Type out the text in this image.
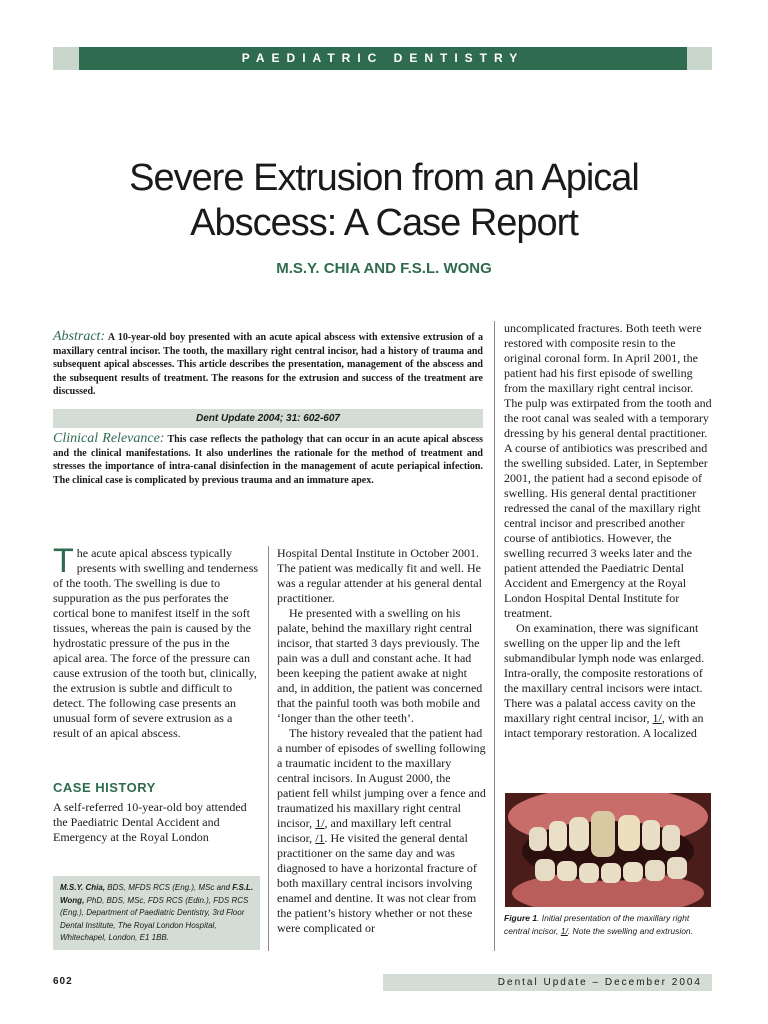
PAEDIATRIC DENTISTRY
Severe Extrusion from an Apical
Abscess: A Case Report
M.S.Y. CHIA AND F.S.L. WONG
Abstract: A 10-year-old boy presented with an acute apical abscess with extensive extrusion of a maxillary central incisor. The tooth, the maxillary right central incisor, had a history of trauma and subsequent apical abscesses. This article describes the presentation, management of the abscess and the subsequent results of treatment. The reasons for the extrusion and success of the treatment are discussed.
Dent Update 2004; 31: 602-607
Clinical Relevance: This case reflects the pathology that can occur in an acute apical abscess and the clinical manifestations. It also underlines the rationale for the method of treatment and stresses the importance of intra-canal disinfection in the management of acute periapical infection. The clinical case is complicated by previous trauma and an immature apex.

The acute apical abscess typically presents with swelling and tenderness of the tooth. The swelling is due to suppuration as the pus perforates the cortical bone to manifest itself in the soft tissues, whereas the pain is caused by the hydrostatic pressure of the pus in the apical area. The force of the pressure can cause extrusion of the tooth but, clinically, the extrusion is subtle and difficult to detect. The following case presents an unusual form of severe extrusion as a result of an apical abscess.

CASE HISTORY

A self-referred 10-year-old boy attended the Paediatric Dental Accident and Emergency at the Royal London

M.S.Y. Chia, BDS, MFDS RCS (Eng.), MSc and F.S.L. Wong, PhD, BDS, MSc, FDS RCS (Edin.), FDS RCS (Eng.), Department of Paediatric Dentistry, 3rd Floor Dental Institute, The Royal London Hospital, Whitechapel, London, E1 1BB.

Hospital Dental Institute in October 2001. The patient was medically fit and well. He was a regular attender at his general dental practitioner.

He presented with a swelling on his palate, behind the maxillary right central incisor, that started 3 days previously. The pain was a dull and constant ache. It had been keeping the patient awake at night and, in addition, the patient was concerned that the painful tooth was both mobile and ‘longer than the other teeth’.

The history revealed that the patient had a number of episodes of swelling following a traumatic incident to the maxillary central incisors. In August 2000, the patient fell whilst jumping over a fence and traumatized his maxillary right central incisor, 1/, and maxillary left central incisor, /1. He visited the general dental practitioner on the same day and was diagnosed to have a horizontal fracture of both maxillary central incisors involving enamel and dentine. It was not clear from the patient’s history whether or not these were complicated or

uncomplicated fractures. Both teeth were restored with composite resin to the original coronal form. In April 2001, the patient had his first episode of swelling from the maxillary right central incisor. The pulp was extirpated from the tooth and the root canal was sealed with a temporary dressing by his general dental practitioner. A course of antibiotics was prescribed and the swelling subsided. Later, in September 2001, the patient had a second episode of swelling. His general dental practitioner redressed the canal of the maxillary right central incisor and prescribed another course of antibiotics. However, the swelling recurred 3 weeks later and the patient attended the Paediatric Dental Accident and Emergency at the Royal London Hospital Dental Institute for treatment.

On examination, there was significant swelling on the upper lip and the left submandibular lymph node was enlarged. Intra-orally, the composite restorations of the maxillary central incisors were intact. There was a palatal access cavity on the maxillary right central incisor, 1/, with an intact temporary restoration. A localized

Figure 1. Initial presentation of the maxillary right central incisor, 1/. Note the swelling and extrusion.
602	Dental Update – December 2004
